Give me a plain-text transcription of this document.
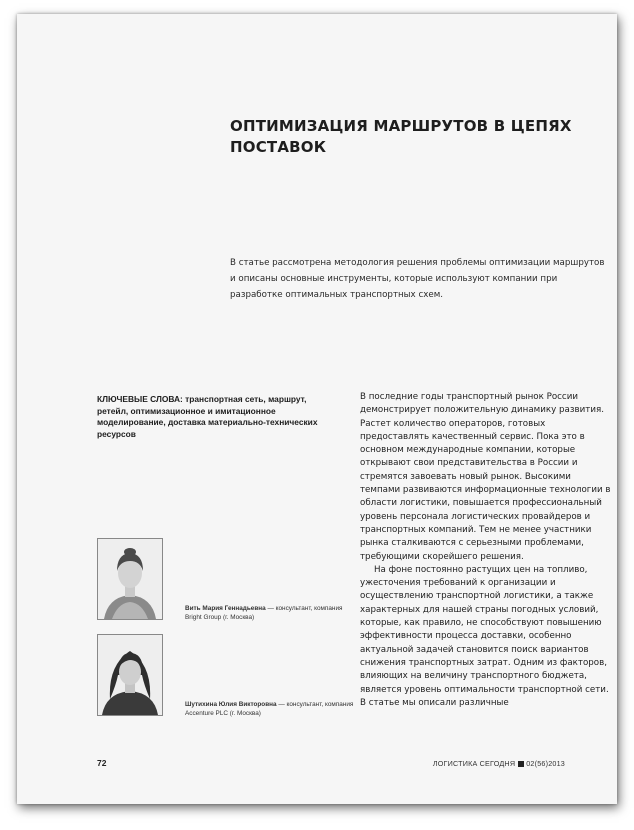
ОПТИМИЗАЦИЯ МАРШРУТОВ В ЦЕПЯХ ПОСТАВОК

В статье рассмотрена методология решения проблемы оптимизации маршрутов и описаны основные инструменты, которые используют компании при разработке оптимальных транспортных схем.

КЛЮЧЕВЫЕ СЛОВА: транспортная сеть, маршрут, ретейл, оптимизационное и имитационное моделирование, доставка материально-технических ресурсов

В последние годы транспортный рынок России демонстрирует положительную динамику развития. Растет количество операторов, готовых предоставлять качественный сервис. Пока это в основном международные компании, которые открывают свои представительства в России и стремятся завоевать новый рынок. Высокими темпами развиваются информационные технологии в области логистики, повышается профессиональный уровень персонала логистических провайдеров и транспортных компаний. Тем не менее участники рынка сталкиваются с серьезными проблемами, требующими скорейшего решения.

На фоне постоянно растущих цен на топливо, ужесточения требований к организации и осуществлению транспортной логистики, а также характерных для нашей страны погодных условий, которые, как правило, не способствуют повышению эффективности процесса доставки, особенно актуальной задачей становится поиск вариантов снижения транспортных затрат. Одним из факторов, влияющих на величину транспортного бюджета, является уровень оптимальности транспортной сети. В статье мы описали различные

Вить Мария Геннадьевна — консультант, компания Bright Group (г. Москва)
Шутихина Юлия Викторовна — консультант, компания Accenture PLC (г. Москва)
72	ЛОГИСТИКА СЕГОДНЯ 02(56)2013
